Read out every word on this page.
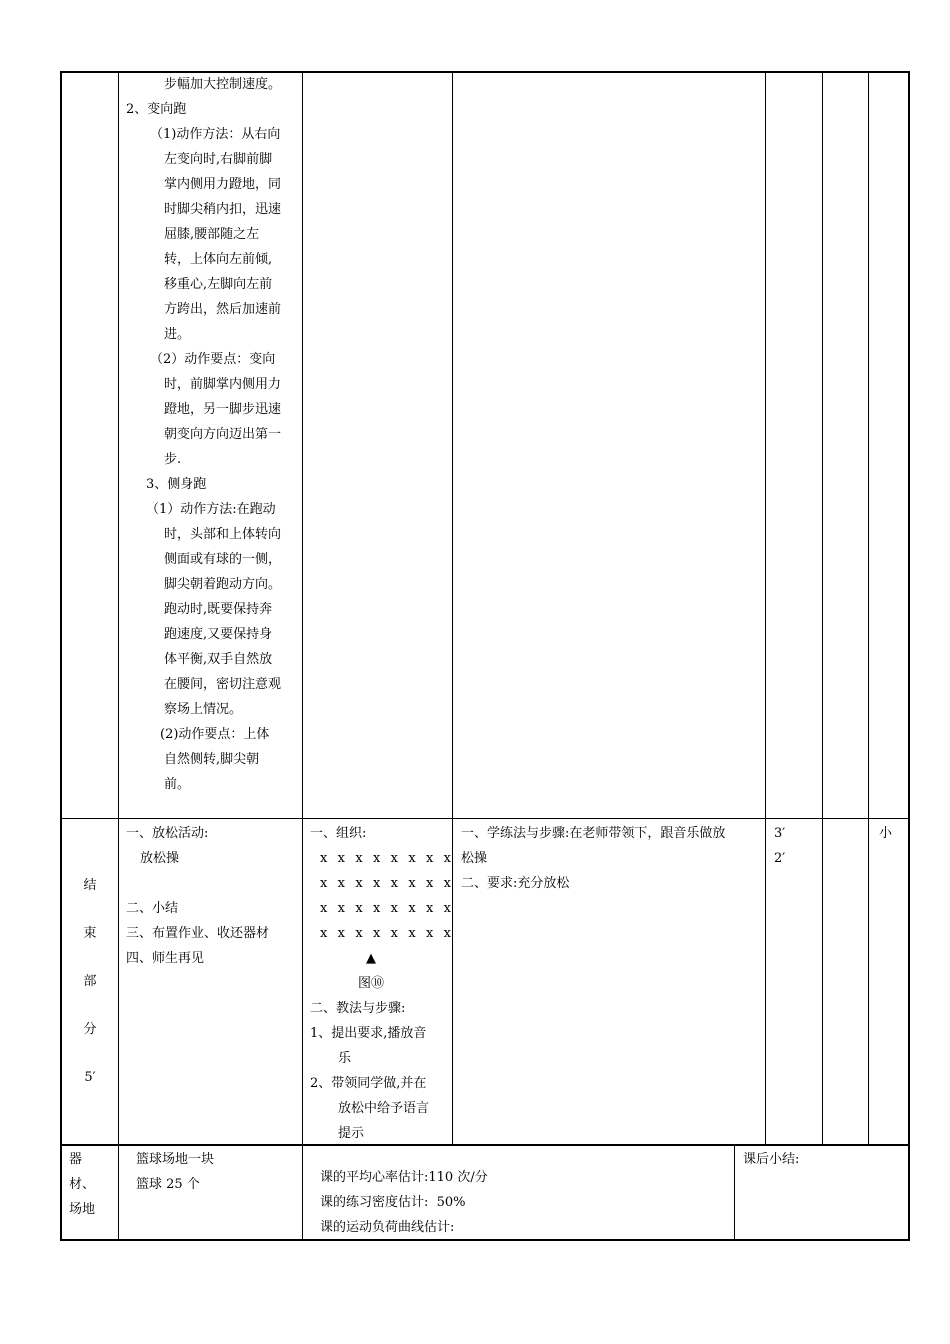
步幅加大控制速度。
2、变向跑
（1)动作方法：从右向
左变向时,右脚前脚
掌内侧用力蹬地，同
时脚尖稍内扣，迅速
屈膝,腰部随之左
转，上体向左前倾,
移重心,左脚向左前
方跨出，然后加速前
进。
（2）动作要点：变向
时，前脚掌内侧用力
蹬地，另一脚步迅速
朝变向方向迈出第一
步.
3、侧身跑
（1）动作方法:在跑动
时，头部和上体转向
侧面或有球的一侧，
脚尖朝着跑动方向。
跑动时,既要保持奔
跑速度,又要保持身
体平衡,双手自然放
在腰间，密切注意观
察场上情况。
(2)动作要点：上体
自然侧转,脚尖朝
前。
结
束
部
分
5′
一、放松活动:
放松操
二、小结
三、布置作业、收还器材
四、师生再见
一、组织:
x x x x x x x x
x x x x x x x x
x x x x x x x x
x x x x x x x x
▲
图⑩
二、教法与步骤:
1、提出要求,播放音
乐
2、带领同学做,并在
放松中给予语言
提示
一、学练法与步骤:在老师带领下，跟音乐做放
松操
二、要求:充分放松
3′
2′
小
器
材、
场地
篮球场地一块
篮球 25 个	课的平均心率估计:110 次/分
课的练习密度估计:  50%
课的运动负荷曲线估计:
课后小结:
